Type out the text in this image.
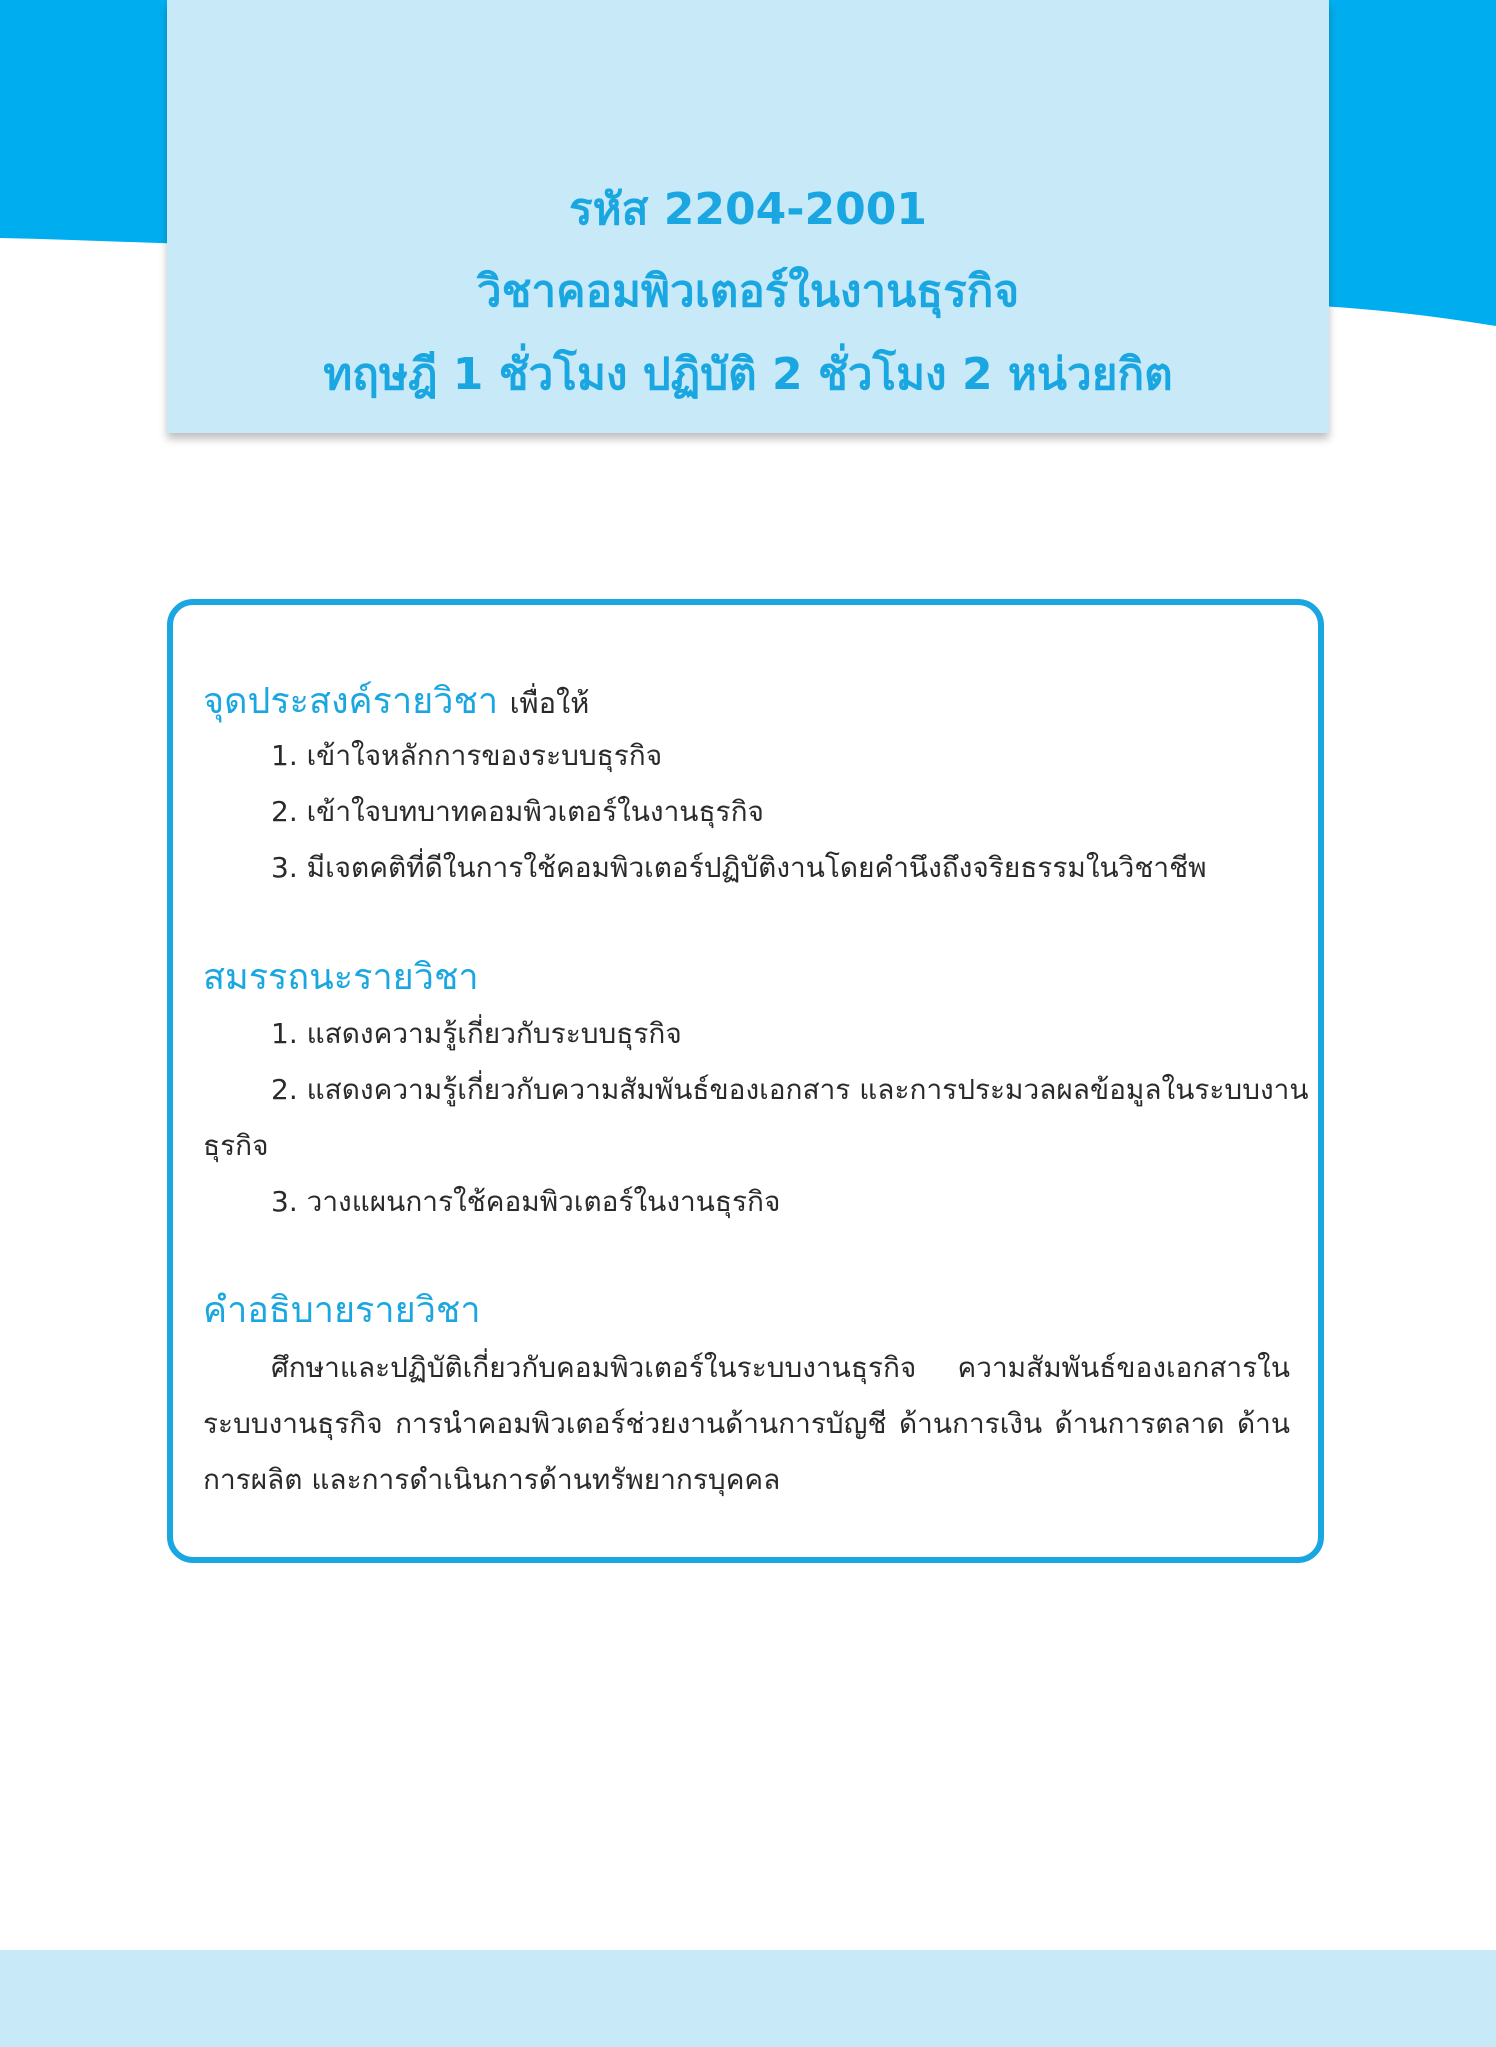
รหัส 2204-2001
วิชาคอมพิวเตอร์ในงานธุรกิจ
ทฤษฎี 1 ชั่วโมง ปฏิบัติ 2 ชั่วโมง 2 หน่วยกิต
จุดประสงค์รายวิชา เพื่อให้
1. เข้าใจหลักการของระบบธุรกิจ
2. เข้าใจบทบาทคอมพิวเตอร์ในงานธุรกิจ
3. มีเจตคติที่ดีในการใช้คอมพิวเตอร์ปฏิบัติงานโดยคำนึงถึงจริยธรรมในวิชาชีพ
สมรรถนะรายวิชา
1. แสดงความรู้เกี่ยวกับระบบธุรกิจ
2. แสดงความรู้เกี่ยวกับความสัมพันธ์ของเอกสาร และการประมวลผลข้อมูลในระบบงาน
ธุรกิจ
3. วางแผนการใช้คอมพิวเตอร์ในงานธุรกิจ
คำอธิบายรายวิชา
ศึกษาและปฏิบัติเกี่ยวกับคอมพิวเตอร์ในระบบงานธุรกิจ ความสัมพันธ์ของเอกสารในระบบงานธุรกิจ การนำคอมพิวเตอร์ช่วยงานด้านการบัญชี ด้านการเงิน ด้านการตลาด ด้านการผลิต และการดำเนินการด้านทรัพยากรบุคคล
